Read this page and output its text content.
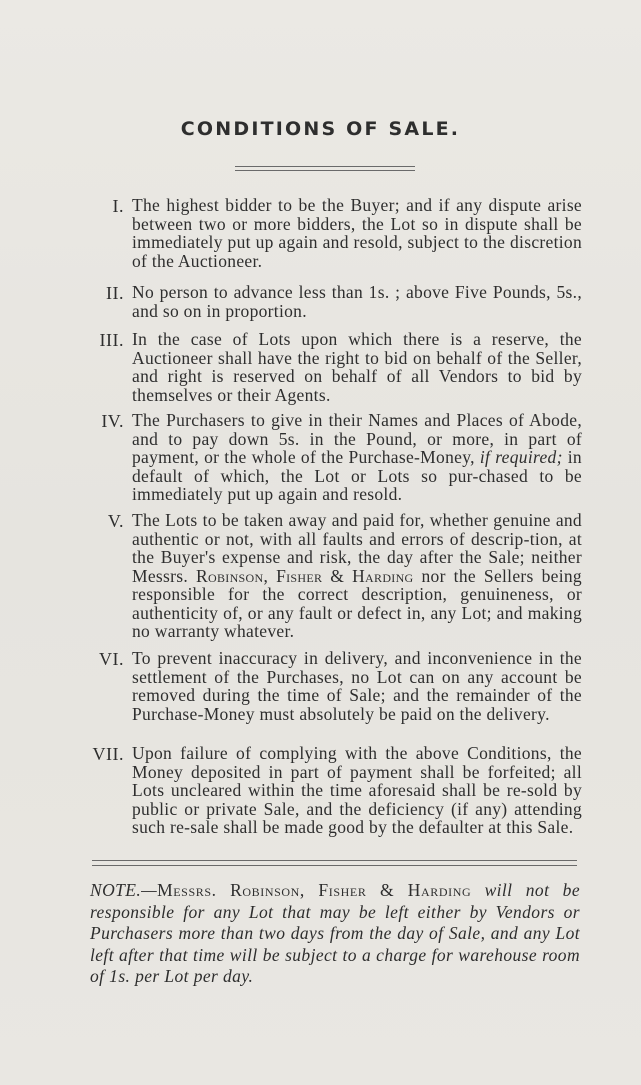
CONDITIONS OF SALE.
I. The highest bidder to be the Buyer; and if any dispute arise between two or more bidders, the Lot so in dispute shall be immediately put up again and resold, subject to the discretion of the Auctioneer.
II. No person to advance less than 1s. ; above Five Pounds, 5s., and so on in proportion.
III. In the case of Lots upon which there is a reserve, the Auctioneer shall have the right to bid on behalf of the Seller, and right is reserved on behalf of all Vendors to bid by themselves or their Agents.
IV. The Purchasers to give in their Names and Places of Abode, and to pay down 5s. in the Pound, or more, in part of payment, or the whole of the Purchase-Money, if required; in default of which, the Lot or Lots so pur-chased to be immediately put up again and resold.
V. The Lots to be taken away and paid for, whether genuine and authentic or not, with all faults and errors of descrip-tion, at the Buyer's expense and risk, the day after the Sale; neither Messrs. Robinson, Fisher & Harding nor the Sellers being responsible for the correct description, genuineness, or authenticity of, or any fault or defect in, any Lot; and making no warranty whatever.
VI. To prevent inaccuracy in delivery, and inconvenience in the settlement of the Purchases, no Lot can on any account be removed during the time of Sale; and the remainder of the Purchase-Money must absolutely be paid on the delivery.
VII. Upon failure of complying with the above Conditions, the Money deposited in part of payment shall be forfeited; all Lots uncleared within the time aforesaid shall be re-sold by public or private Sale, and the deficiency (if any) attending such re-sale shall be made good by the defaulter at this Sale.
NOTE.—Messrs. Robinson, Fisher & Harding will not be responsible for any Lot that may be left either by Vendors or Purchasers more than two days from the day of Sale, and any Lot left after that time will be subject to a charge for warehouse room of 1s. per Lot per day.
